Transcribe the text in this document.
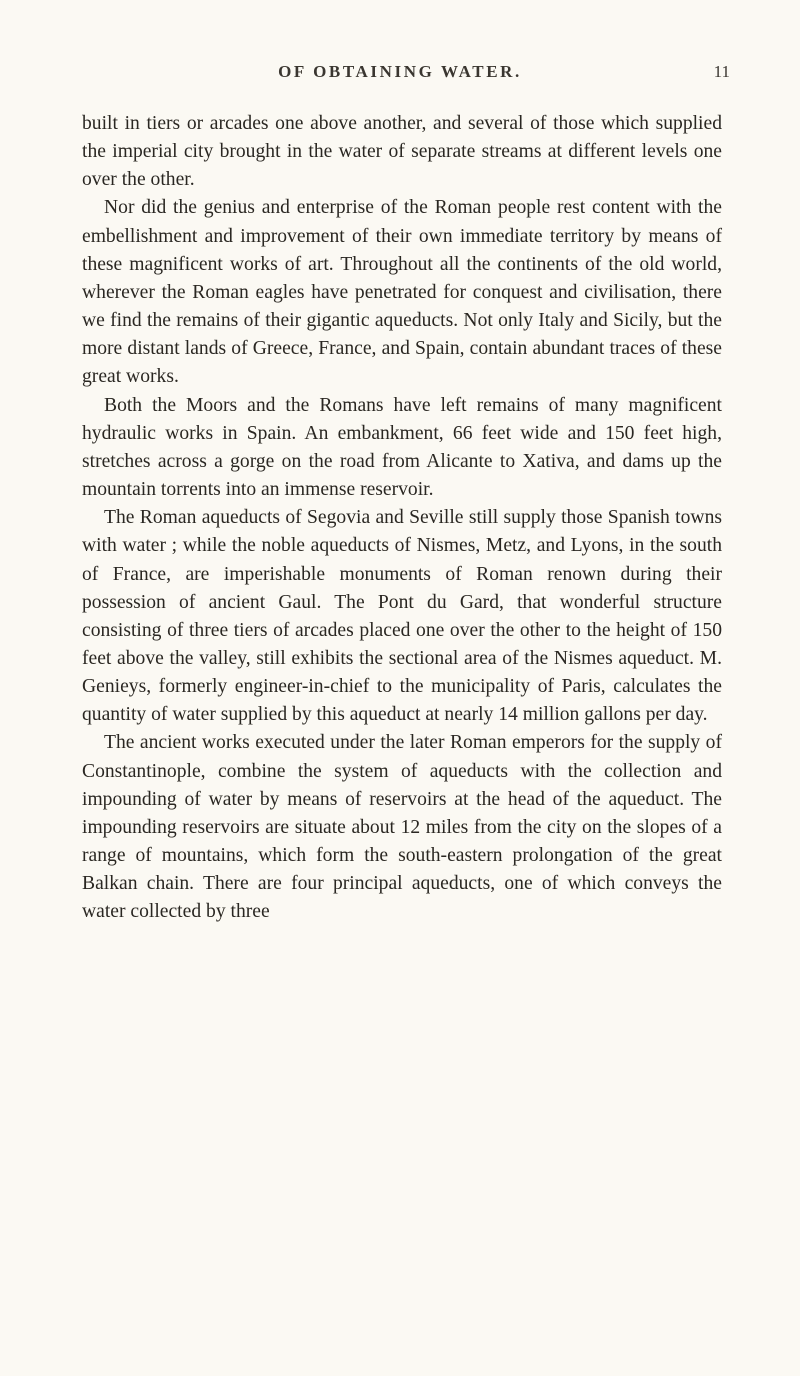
OF OBTAINING WATER.	11

built in tiers or arcades one above another, and several of those which supplied the imperial city brought in the water of separate streams at different levels one over the other.

Nor did the genius and enterprise of the Roman people rest content with the embellishment and improvement of their own immediate territory by means of these magnificent works of art. Throughout all the continents of the old world, wherever the Roman eagles have penetrated for conquest and civilisation, there we find the remains of their gigantic aqueducts. Not only Italy and Sicily, but the more distant lands of Greece, France, and Spain, contain abundant traces of these great works.

Both the Moors and the Romans have left remains of many magnificent hydraulic works in Spain. An embankment, 66 feet wide and 150 feet high, stretches across a gorge on the road from Alicante to Xativa, and dams up the mountain torrents into an immense reservoir.

The Roman aqueducts of Segovia and Seville still supply those Spanish towns with water ; while the noble aqueducts of Nismes, Metz, and Lyons, in the south of France, are imperishable monuments of Roman renown during their possession of ancient Gaul. The Pont du Gard, that wonderful structure consisting of three tiers of arcades placed one over the other to the height of 150 feet above the valley, still exhibits the sectional area of the Nismes aqueduct. M. Genieys, formerly engineer-in-chief to the municipality of Paris, calculates the quantity of water supplied by this aqueduct at nearly 14 million gallons per day.

The ancient works executed under the later Roman emperors for the supply of Constantinople, combine the system of aqueducts with the collection and impounding of water by means of reservoirs at the head of the aqueduct. The impounding reservoirs are situate about 12 miles from the city on the slopes of a range of mountains, which form the south-eastern prolongation of the great Balkan chain. There are four principal aqueducts, one of which conveys the water collected by three
